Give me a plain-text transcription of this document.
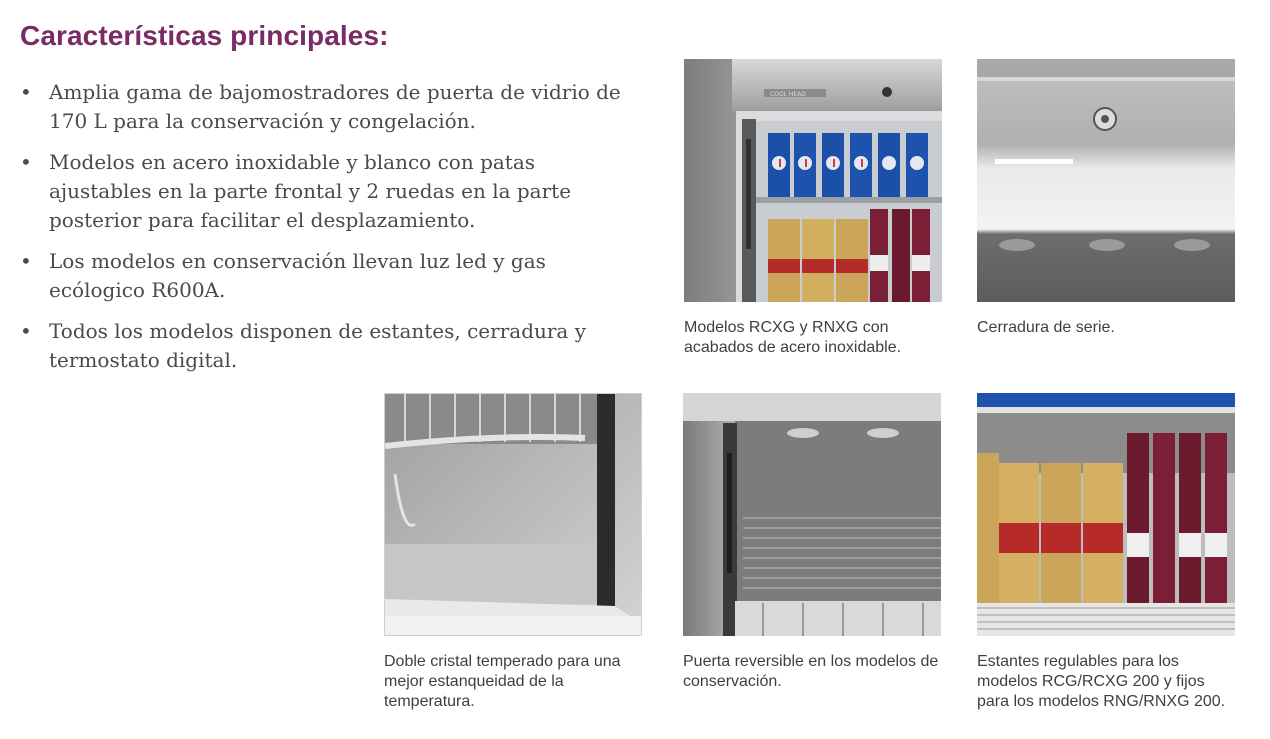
Características principales:
• Amplia gama de bajomostradores de puerta de vidrio de 170 L para la conservación y congelación.
• Modelos en acero inoxidable y blanco con patas ajustables en la parte frontal y 2 ruedas en la parte posterior para facilitar el desplazamiento.
• Los modelos en conservación llevan luz led y gas ecólogico R600A.
• Todos los modelos disponen de estantes, cerradura y termostato digital.
COOL HEAD
Modelos RCXG y RNXG con acabados de acero inoxidable.
Cerradura de serie.
Doble cristal temperado para una mejor estanqueidad de la temperatura.
Puerta reversible en los modelos de conservación.
Estantes regulables para los modelos RCG/RCXG 200 y fijos para los modelos RNG/RNXG 200.
